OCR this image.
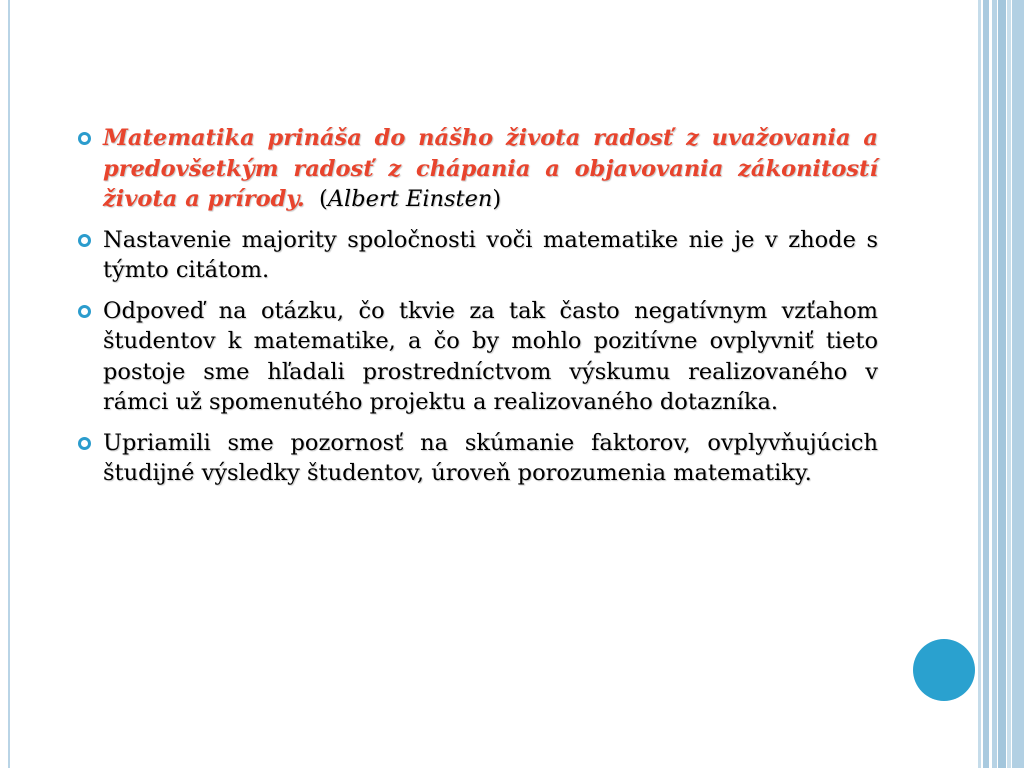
Matematika prináša do nášho života radosť z uvažovania a predovšetkým radosť z chápania a objavovania zákonitostí života a prírody.  (Albert Einsten)
Nastavenie majority spoločnosti voči matematike nie je v zhode s týmto citátom.
Odpoveď na otázku, čo tkvie za tak často negatívnym vzťahom študentov k matematike, a čo by mohlo pozitívne ovplyvniť tieto postoje sme hľadali prostredníctvom výskumu realizovaného v rámci už spomenutého projektu a realizovaného dotazníka.
Upriamili sme pozornosť na skúmanie faktorov, ovplyvňujúcich študijné výsledky študentov, úroveň porozumenia matematiky.
